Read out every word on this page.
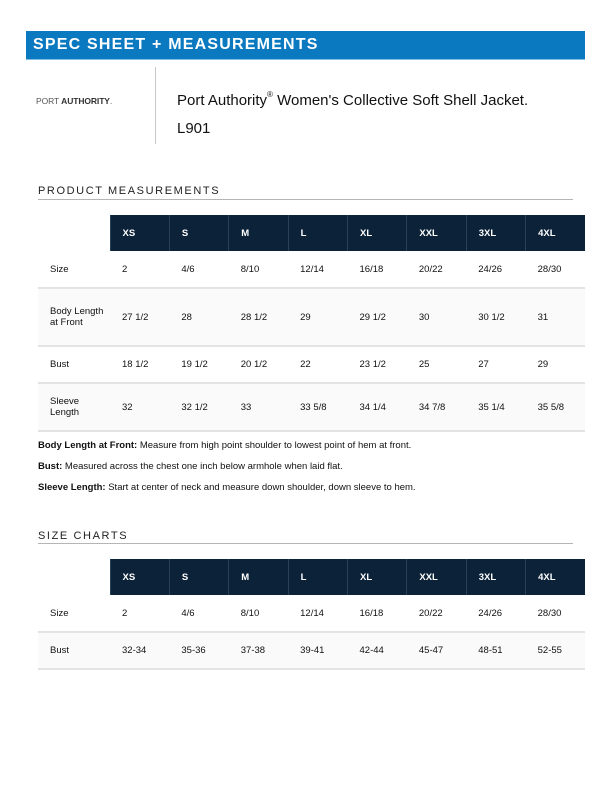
SPEC SHEET + MEASUREMENTS
PORT AUTHORITY.	Port Authority® Women's Collective Soft Shell Jacket.
L901
PRODUCT MEASUREMENTS
	XS	S	M	L	XL	XXL	3XL	4XL
Size	2	4/6	8/10	12/14	16/18	20/22	24/26	28/30
Body Length at Front	27 1/2	28	28 1/2	29	29 1/2	30	30 1/2	31
Bust	18 1/2	19 1/2	20 1/2	22	23 1/2	25	27	29
Sleeve Length	32	32 1/2	33	33 5/8	34 1/4	34 7/8	35 1/4	35 5/8
Body Length at Front: Measure from high point shoulder to lowest point of hem at front.
Bust: Measured across the chest one inch below armhole when laid flat.
Sleeve Length: Start at center of neck and measure down shoulder, down sleeve to hem.
SIZE CHARTS
	XS	S	M	L	XL	XXL	3XL	4XL
Size	2	4/6	8/10	12/14	16/18	20/22	24/26	28/30
Bust	32-34	35-36	37-38	39-41	42-44	45-47	48-51	52-55
